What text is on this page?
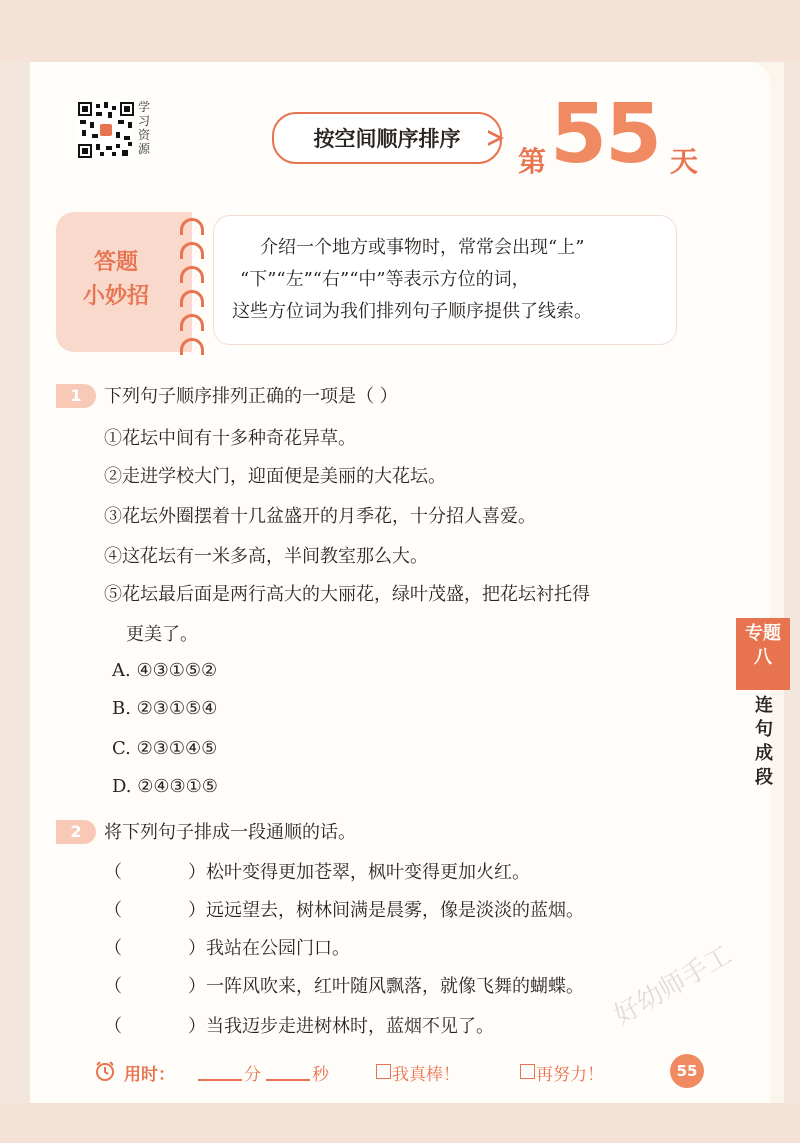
学习资源	按空间顺序排序
第 55 天
答题
小妙招

介绍一个地方或事物时，常常会出现“上”

“下”“左”“右”“中”等表示方位的词，

这些方位词为我们排列句子顺序提供了线索。

1	下列句子顺序排列正确的一项是（ ）
①花坛中间有十多种奇花异草。
②走进学校大门，迎面便是美丽的大花坛。
③花坛外圈摆着十几盆盛开的月季花，十分招人喜爱。
④这花坛有一米多高，半间教室那么大。
⑤花坛最后面是两行高大的大丽花，绿叶茂盛，把花坛衬托得
更美了。
A. ④③①⑤②
B. ②③①⑤④
C. ②③①④⑤
D. ②④③①⑤
2	将下列句子排成一段通顺的话。
（	）松叶变得更加苍翠，枫叶变得更加火红。
（	）远远望去，树林间满是晨雾，像是淡淡的蓝烟。
（	）我站在公园门口。
（	）一阵风吹来，红叶随风飘落，就像飞舞的蝴蝶。
（	）当我迈步走进树林时，蓝烟不见了。
专题
八
连
句
成
段
好幼师手工
用时：	分	秒	我真棒！	再努力！	55
